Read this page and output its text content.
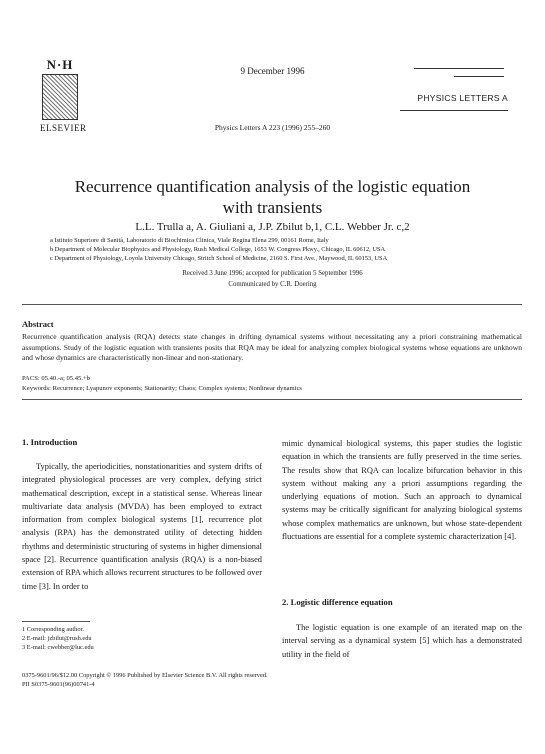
N·H
ELSEVIER
9 December 1996
PHYSICS LETTERS A
Physics Letters A 223 (1996) 255–260
Recurrence quantification analysis of the logistic equation
with transients
L.L. Trulla a, A. Giuliani a, J.P. Zbilut b,1, C.L. Webber Jr. c,2
a Istituto Superiore di Sanità, Laboratorio di Biochimica Clinica, Viale Regina Elena 299, 00161 Rome, Italy
b Department of Molecular Biophysics and Physiology, Rush Medical College, 1653 W. Congress Pkwy., Chicago, IL 60612, USA
c Department of Physiology, Loyola University Chicago, Stritch School of Medicine, 2160 S. First Ave., Maywood, IL 60153, USA
Received 3 June 1996; accepted for publication 5 September 1996
Communicated by C.R. Doering
Abstract
Recurrence quantification analysis (RQA) detects state changes in drifting dynamical systems without necessitating any a priori constraining mathematical assumptions. Study of the logistic equation with transients posits that RQA may be ideal for analyzing complex biological systems whose equations are unknown and whose dynamics are characteristically non-linear and non-stationary.
PACS: 05.40.-a; 05.45.+b
Keywords: Recurrence; Lyapunov exponents; Stationarity; Chaos; Complex systems; Nonlinear dynamics
1. Introduction
Typically, the aperiodicities, nonstationarities and system drifts of integrated physiological processes are very complex, defying strict mathematical description, except in a statistical sense. Whereas linear multivariate data analysis (MVDA) has been employed to extract information from complex biological systems [1], recurrence plot analysis (RPA) has the demonstrated utility of detecting hidden rhythms and deterministic structuring of systems in higher dimensional space [2]. Recurrence quantification analysis (RQA) is a non-biased extension of RPA which allows recurrent structures to be followed over time [3]. In order to
mimic dynamical biological systems, this paper studies the logistic equation in which the transients are fully preserved in the time series. The results show that RQA can localize bifurcation behavior in this system without making any a priori assumptions regarding the underlying equations of motion. Such an approach to dynamical systems may be critically significant for analyzing biological systems whose complex mathematics are unknown, but whose state-dependent fluctuations are essential for a complete systemic characterization [4].
2. Logistic difference equation
The logistic equation is one example of an iterated map on the interval serving as a dynamical system [5] which has a demonstrated utility in the field of
1 Corresponding author.
2 E-mail: jzbilut@rush.edu
3 E-mail: cwebber@luc.edu
0375-9601/96/$12.00 Copyright © 1996 Published by Elsevier Science B.V. All rights reserved.
PII S0375-9601(96)00741-4
